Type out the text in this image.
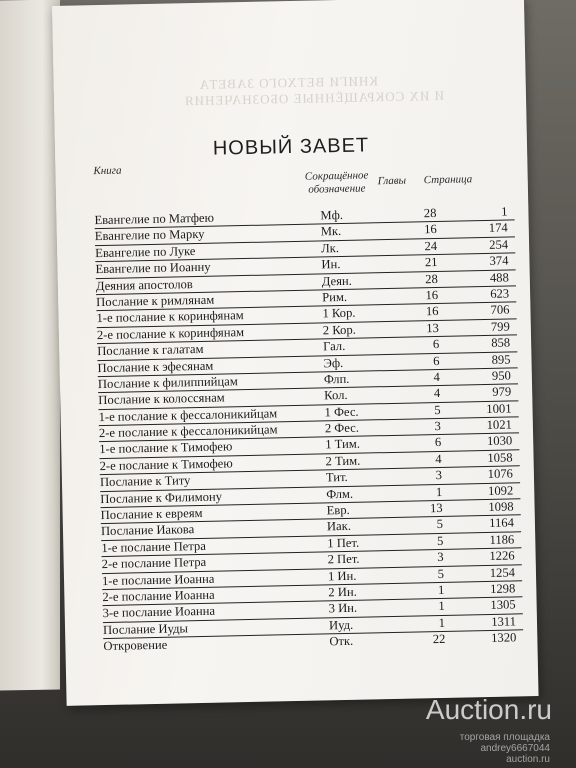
КНИГИ ВЕТХОГО ЗАВЕТА
И ИХ СОКРАЩЁННЫЕ ОБОЗНАЧЕНИЯ
НОВЫЙ ЗАВЕТ
Книга	Сокращённое
обозначение
Главы Страница
Евангелие по Матфею	Мф.	28	1
Евангелие по Марку	Мк.	16	174
Евангелие по Луке	Лк.	24	254
Евангелие по Иоанну	Ин.	21	374
Деяния апостолов	Деян.	28	488
Послание к римлянам	Рим.	16	623
1-е послание к коринфянам	1 Кор.	16	706
2-е послание к коринфянам	2 Кор.	13	799
Послание к галатам	Гал.	6	858
Послание к эфесянам	Эф.	6	895
Послание к филиппийцам	Флп.	4	950
Послание к колоссянам	Кол.	4	979
1-е послание к фессалоникийцам	1 Фес.	5	1001
2-е послание к фессалоникийцам	2 Фес.	3	1021
1-е послание к Тимофею	1 Тим.	6	1030
2-е послание к Тимофею	2 Тим.	4	1058
Послание к Титу	Тит.	3	1076
Послание к Филимону	Флм.	1	1092
Послание к евреям	Евр.	13	1098
Послание Иакова	Иак.	5	1164
1-е послание Петра	1 Пет.	5	1186
2-е послание Петра	2 Пет.	3	1226
1-е послание Иоанна	1 Ин.	5	1254
2-е послание Иоанна	2 Ин.	1	1298
3-е послание Иоанна	3 Ин.	1	1305
Послание Иуды	Иуд.	1	1311
Откровение	Отк.	22	1320
Auction.ru
торговая площадка
andrey6667044
auction.ru
